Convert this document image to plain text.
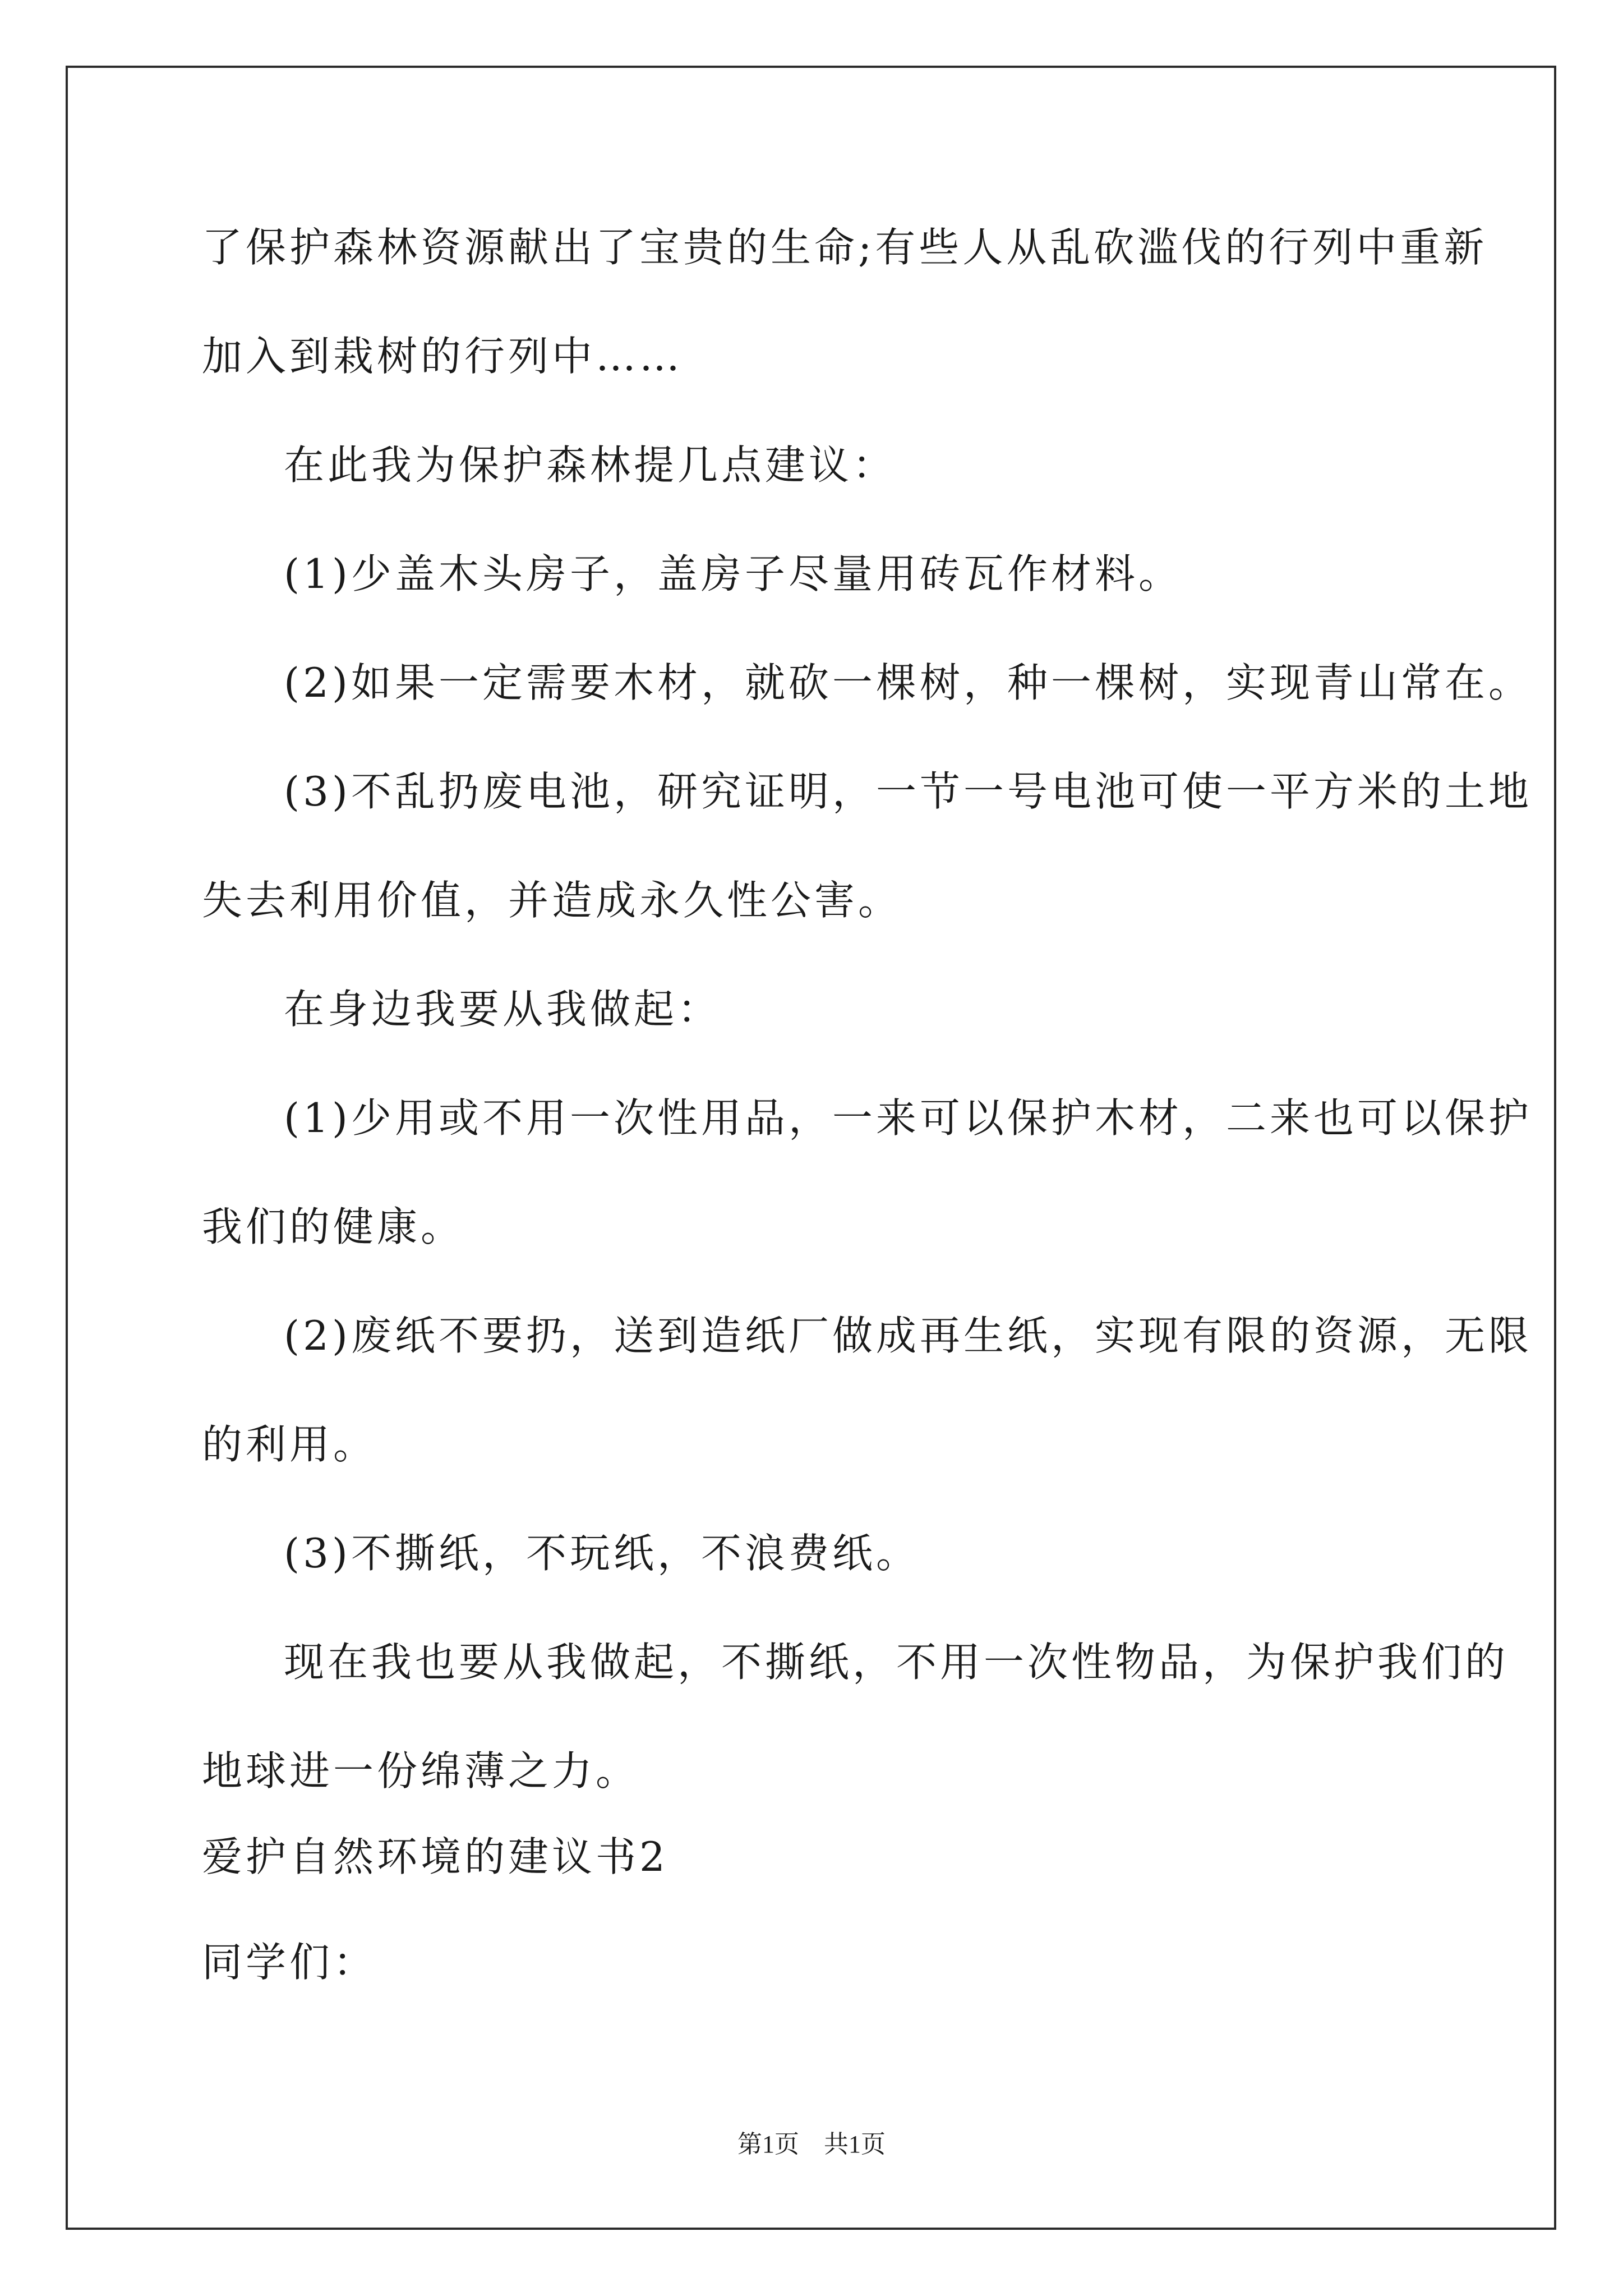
了保护森林资源献出了宝贵的生命;有些人从乱砍滥伐的行列中重新
加入到栽树的行列中……
在此我为保护森林提几点建议：
(1)少盖木头房子，盖房子尽量用砖瓦作材料。
(2)如果一定需要木材，就砍一棵树，种一棵树，实现青山常在。
(3)不乱扔废电池，研究证明，一节一号电池可使一平方米的土地
失去利用价值，并造成永久性公害。
在身边我要从我做起：
(1)少用或不用一次性用品，一来可以保护木材，二来也可以保护
我们的健康。
(2)废纸不要扔，送到造纸厂做成再生纸，实现有限的资源，无限
的利用。
(3)不撕纸，不玩纸，不浪费纸。
现在我也要从我做起，不撕纸，不用一次性物品，为保护我们的
地球进一份绵薄之力。
爱护自然环境的建议书2
同学们：
第1页　共1页
